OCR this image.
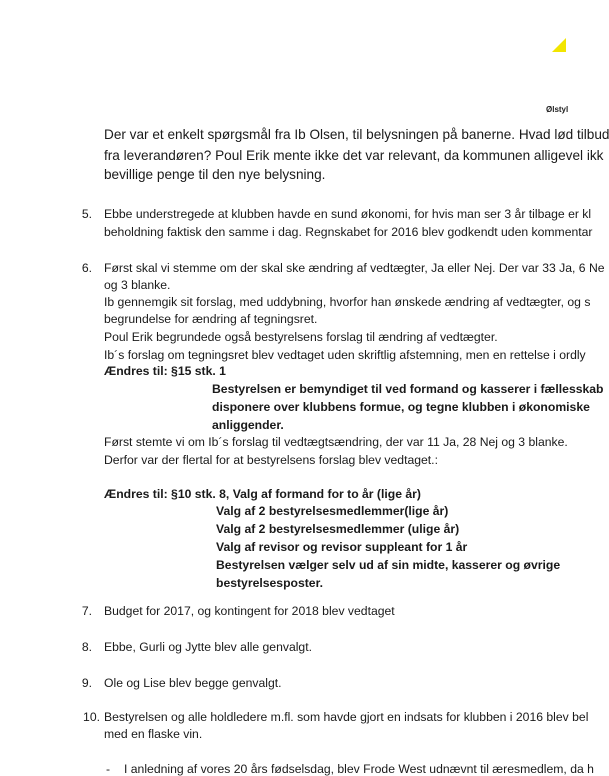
Ølstyl
Der var et enkelt spørgsmål fra Ib Olsen, til belysningen på banerne. Hvad lød tilbud
fra leverandøren? Poul Erik mente ikke det var relevant, da kommunen alligevel ikk
bevillige penge til den nye belysning.
5. Ebbe understregede at klubben havde en sund økonomi, for hvis man ser 3 år tilbage er kl
beholdning faktisk den samme i dag. Regnskabet for 2016 blev godkendt uden kommentar
6. Først skal vi stemme om der skal ske ændring af vedtægter, Ja eller Nej. Der var 33 Ja, 6 Ne
og 3 blanke.
Ib gennemgik sit forslag, med uddybning, hvorfor han ønskede ændring af vedtægter, og s
begrundelse for ændring af tegningsret.
Poul Erik begrundede også bestyrelsens forslag til ændring af vedtægter.
Ib´s forslag om tegningsret blev vedtaget uden skriftlig afstemning, men en rettelse i ordly
Ændres til: §15 stk. 1
Bestyrelsen er bemyndiget til ved formand og kasserer i fællesskab
disponere over klubbens formue, og tegne klubben i økonomiske
anliggender.
Først stemte vi om Ib´s forslag til vedtægtsændring, der var 11 Ja, 28 Nej og 3 blanke.
Derfor var der flertal for at bestyrelsens forslag blev vedtaget.:
Ændres til: §10 stk. 8, Valg af formand for to år (lige år)
Valg af 2 bestyrelsesmedlemmer(lige år)
Valg af 2 bestyrelsesmedlemmer (ulige år)
Valg af revisor og revisor suppleant for 1 år
Bestyrelsen vælger selv ud af sin midte, kasserer og øvrige
bestyrelsesposter.
7. Budget for 2017, og kontingent for 2018 blev vedtaget
8. Ebbe, Gurli og Jytte blev alle genvalgt.
9. Ole og Lise blev begge genvalgt.
10. Bestyrelsen og alle holdledere m.fl. som havde gjort en indsats for klubben i 2016 blev bel
med en flaske vin.
- I anledning af vores 20 års fødselsdag, blev Frode West udnævnt til æresmedlem, da h
